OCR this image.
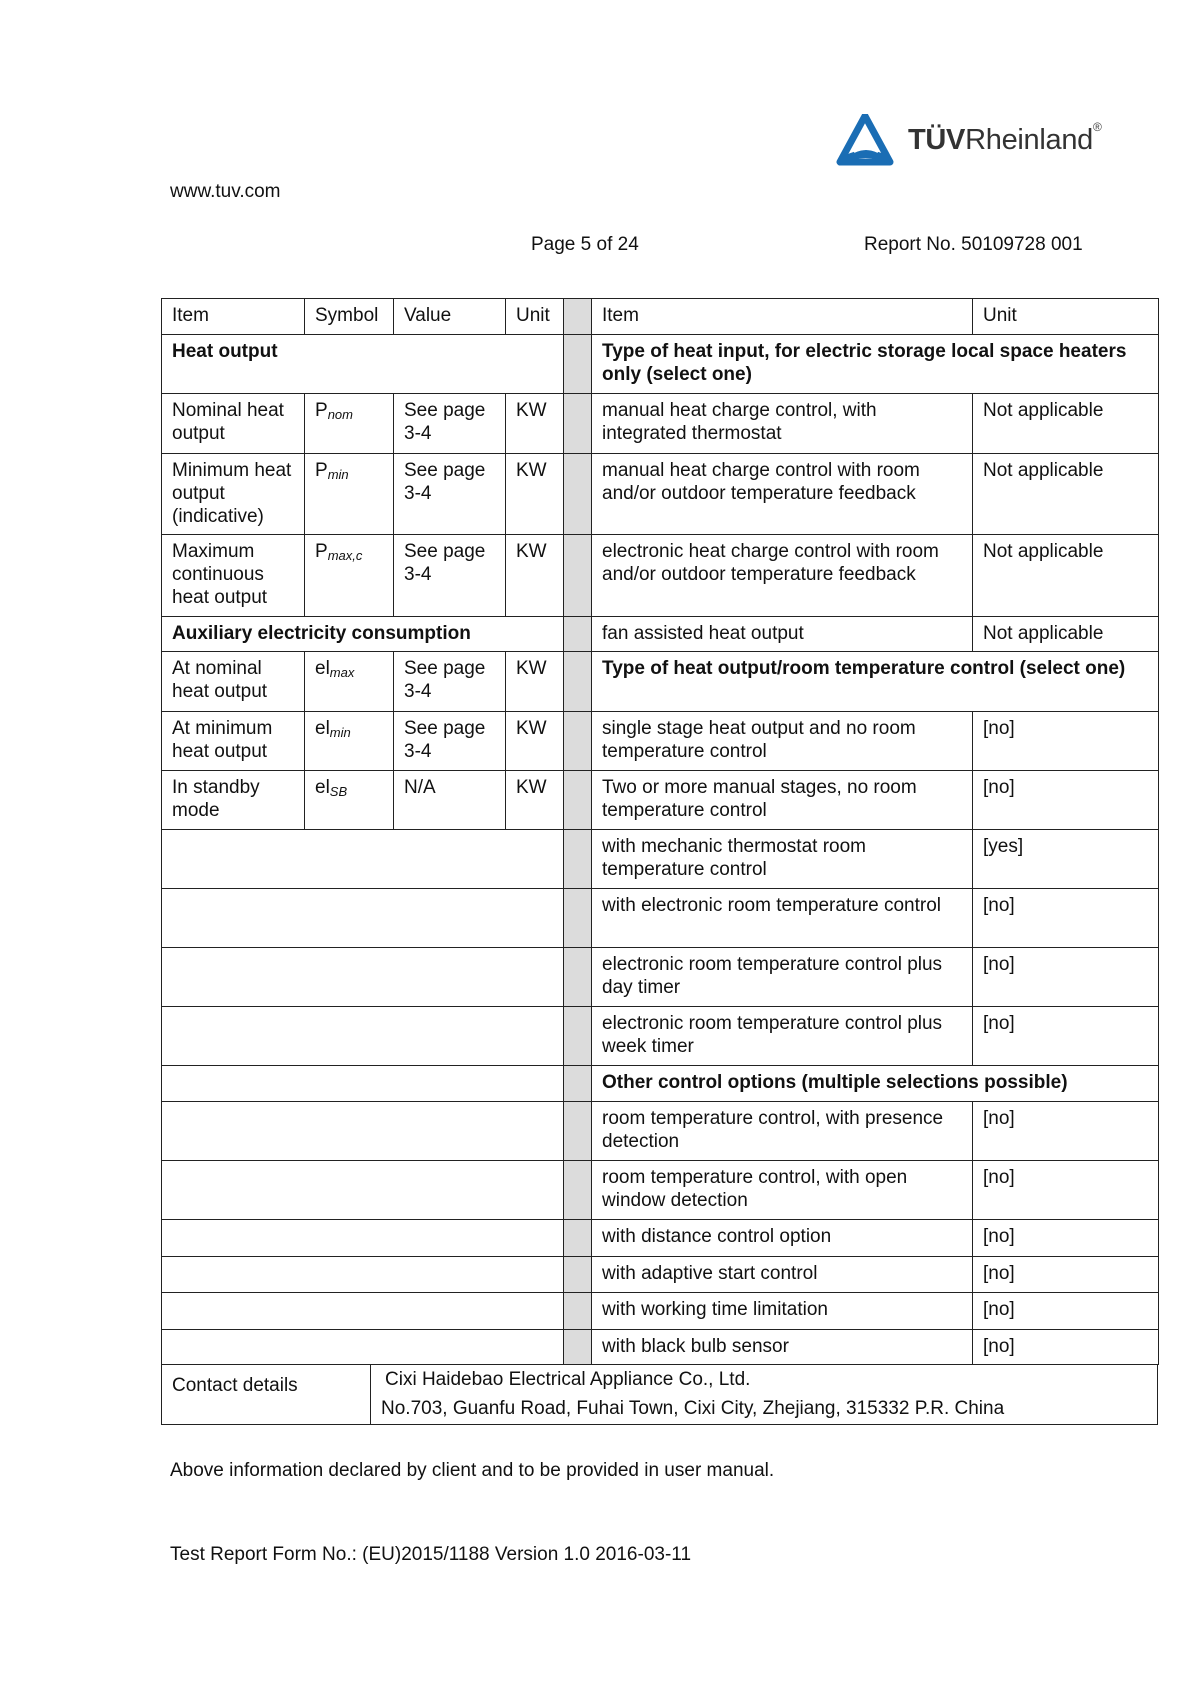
TÜVRheinland®
www.tuv.com
Page 5 of 24	Report No. 50109728 001
Item	Symbol	Value	Unit		Item	Unit
Heat output					Type of heat input, for electric storage local space heaters only (select one)	
Nominal heat output	$P_{nom}$	See page 3-4	KW		manual heat charge control, with integrated thermostat	Not applicable
Minimum heat output (indicative)	$P_{min}$	See page 3-4	KW		manual heat charge control with room and/or outdoor temperature feedback	Not applicable
Maximum continuous heat output	$P_{max,c}$	See page 3-4	KW		electronic heat charge control with room and/or outdoor temperature feedback	Not applicable
Auxiliary electricity consumption					fan assisted heat output	Not applicable
At nominal heat output	$el_{max}$	See page 3-4	KW		Type of heat output/room temperature control (select one)	
At minimum heat output	$el_{min}$	See page 3-4	KW		single stage heat output and no room temperature control	[no]
In standby mode	$el_{SB}$	N/A	KW		Two or more manual stages, no room temperature control	[no]
					with mechanic thermostat room temperature control	[yes]
					with electronic room temperature control	[no]
					electronic room temperature control plus day timer	[no]
					electronic room temperature control plus week timer	[no]
					Other control options (multiple selections possible)	
					room temperature control, with presence detection	[no]
					room temperature control, with open window detection	[no]
					with distance control option	[no]
					with adaptive start control	[no]
					with working time limitation	[no]
					with black bulb sensor	[no]
Contact details	Cixi Haidebao Electrical Appliance Co., Ltd.
No.703, Guanfu Road, Fuhai Town, Cixi City, Zhejiang, 315332 P.R. China
Above information declared by client and to be provided in user manual.
Test Report Form No.: (EU)2015/1188 Version 1.0 2016-03-11
